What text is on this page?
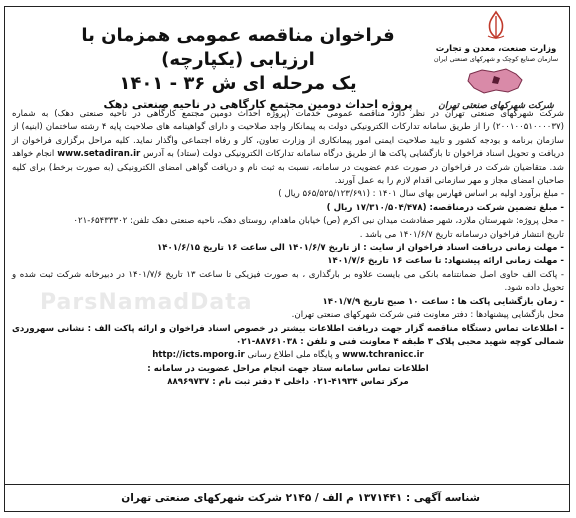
وزارت صنعت، معدن و تجارت
سازمان صنایع کوچک و شهرکهای صنعتی ایران
شرکت شهرکهای صنعتی تهران
فراخوان مناقصه عمومی همزمان با ارزیابی (یکپارچه)
یک مرحله ای ش ۳۶ - ۱۴۰۱
پروژه احداث دومین مجتمع کارگاهی در ناحیه صنعتی دهک
ParsNamadData

شرکت شهرکهای صنعتی تهران در نظر دارد مناقصه عمومی خدمات (پروژه احداث دومین مجتمع کارگاهی در ناحیه صنعتی دهک) به شماره (۲۰۰۱۰۰۵۱۰۰۰۰۳۷) را از طریق سامانه تدارکات الکترونیکی دولت به پیمانکار واجد صلاحیت و دارای گواهینامه های صلاحیت پایه ۴ رشته ساختمان (ابنیه) از سازمان برنامه و بودجه کشور و تایید صلاحیت ایمنی امور پیمانکاری از وزارت تعاون، کار و رفاه اجتماعی واگذار نماید. کلیه مراحل برگزاری فراخوان از دریافت و تحویل اسناد فراخوان تا بازگشایی پاکت ها از طریق درگاه سامانه تدارکات الکترونیکی دولت (ستاد) به آدرس www.setadiran.ir انجام خواهد شد. متقاضیان شرکت در فراخوان در صورت عدم عضویت در سامانه، نسبت به ثبت نام و دریافت گواهی امضای الکترونیکی (به صورت برخط) برای کلیه صاحبان امضای مجاز و مهر سازمانی اقدام لازم را به عمل آورند.

- مبلغ برآورد اولیه بر اساس فهارس بهای سال ۱۴۰۱ : (۵۶۵/۵۲۵/۱۲۳/۶۹۱ ریال )

- مبلغ تضمین شرکت درمناقصه: (۱۷/۳۱۰/۵۰۴/۴۷۸ ریال )

- محل پروژه: شهرستان ملارد، شهر صفادشت میدان نبی اکرم (ص) خیابان ماهدام، روستای دهک، ناحیه صنعتی دهک تلفن: ۶۵۴۳۳۳۰۲-۰۲۱

تاریخ انتشار فراخوان درسامانه تاریخ ۱۴۰۱/۶/۷ می باشد .

- مهلت زمانی دریافت اسناد فراخوان از سایت : از تاریخ ۱۴۰۱/۶/۷ الی ساعت ۱۶ تاریخ ۱۴۰۱/۶/۱۵

- مهلت زمانی ارائه پیشنهاد: تا ساعت ۱۶ تاریخ ۱۴۰۱/۷/۶

- پاکت الف حاوی اصل ضمانتنامه بانکی می بایست علاوه بر بارگذاری ، به صورت فیزیکی تا ساعت ۱۳ تاریخ ۱۴۰۱/۷/۶ در دبیرخانه شرکت ثبت شده و تحویل داده شود.

- زمان بازگشایی پاکت ها : ساعت ۱۰ صبح تاریخ ۱۴۰۱/۷/۹

محل بازگشایی پیشنهادها : دفتر معاونت فنی شرکت شهرکهای صنعتی تهران.

- اطلاعات تماس دستگاه مناقصه گزار جهت دریافت اطلاعات بیشتر در خصوص اسناد فراخوان و ارائه پاکت الف : نشانی سهروردی شمالی کوچه شهید محبی پلاک ۳ طبقه ۴ معاونت فنی و تلفن : ۸۸۷۶۱۰۳۸-۰۲۱

www.tchranicc.ir و پایگاه ملی اطلاع رسانی http://icts.mporg.ir

اطلاعات تماس سامانه ستاد جهت انجام مراحل عضویت در سامانه :

مرکز تماس ۴۱۹۳۴-۰۲۱ داخلی ۴ دفتر ثبت نام : ۸۸۹۶۹۷۳۷

شناسه آگهی : ۱۳۷۱۴۴۱ م الف / ۲۱۴۵ شرکت شهرکهای صنعتی تهران
